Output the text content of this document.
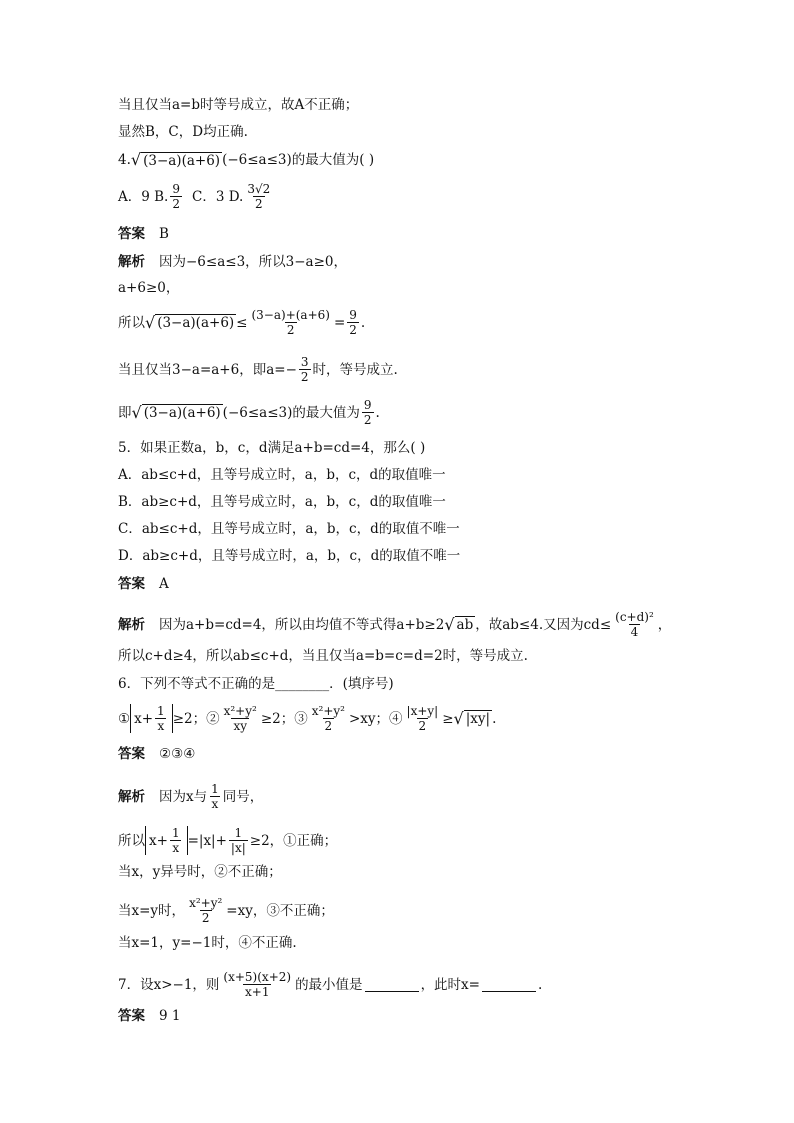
当且仅当a=b时等号成立，故A不正确；
显然B，C，D均正确.
4. √ (3−a)(a+6) (−6≤a≤3)的最大值为( )
A．9 B. $\frac{9}{2}$ C．3 D. $\frac{3√2}{2}$
答案 B
解析 因为−6≤a≤3，所以3−a≥0，
a+6≥0，
所以 √ $(3-a)(a+6) \le \frac{(3-a)+(a+6)}{2} = \frac{9}{2}$ .
当且仅当3−a=a+6，即$a=- \frac{3}{2}$ 时，等号成立.
即 √ (3−a)(a+6) (−6≤a≤3)的最大值为 $\frac{9}{2}$ .
5．如果正数a，b，c，d满足a+b=cd=4，那么( )
A．ab≤c+d，且等号成立时，a，b，c，d的取值唯一
B．ab≥c+d，且等号成立时，a，b，c，d的取值唯一
C．ab≤c+d，且等号成立时，a，b，c，d的取值不唯一
D．ab≥c+d，且等号成立时，a，b，c，d的取值不唯一
答案 A
解析 因为a+b=cd=4，所以由均值不等式得a+b≥2 √ ab ，故ab≤4.又因为$cd\le \frac{\text{(c+d)²}}{4}$ ，
所以c+d≥4，所以ab≤c+d，当且仅当a=b=c=d=2时，等号成立.
6．下列不等式不正确的是________．(填序号)
① $x+ \frac{1}{x} \ge 2$；② $\frac{\text{x²+y²}}{xy} \ge 2$；③ $\frac{\text{x²+y²}}{2} >xy$；④ $\frac{|x+y|}{2}$ ≥ √ |xy| .
答案 ②③④
解析 因为x与 $\frac{1}{x}$ 同号，
所以 $x+ \frac{1}{x} =|x|+ \frac{1}{|x|} \ge 2$，①正确；
当x，y异号时，②不正确；
当x=y时， $\frac{\text{x²+y²}}{2} =xy$，③不正确；
当x=1，y=−1时，④不正确.
7．设x>−1，则 $\frac{(x+5)(x+2)}{x+1}$ 的最小值是	，此时x=	.
答案 9 1
